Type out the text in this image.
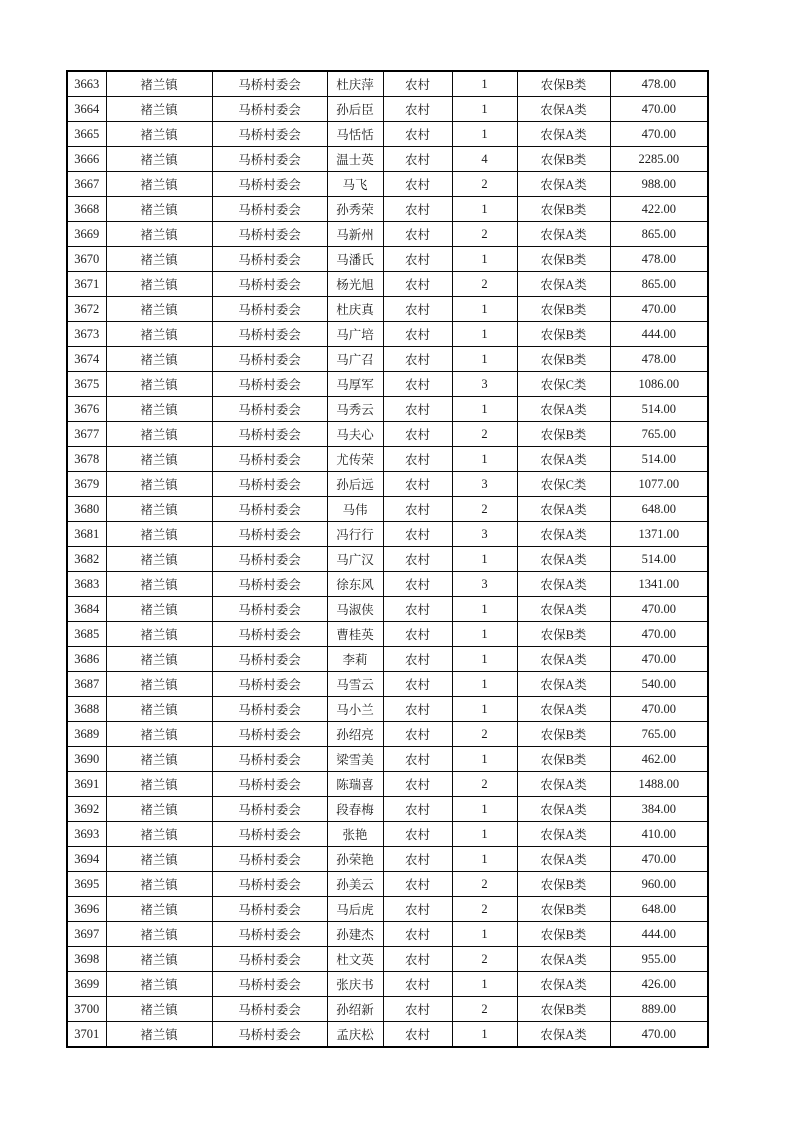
3663	褚兰镇	马桥村委会	杜庆萍	农村	1	农保B类	478.00
3664	褚兰镇	马桥村委会	孙后臣	农村	1	农保A类	470.00
3665	褚兰镇	马桥村委会	马恬恬	农村	1	农保A类	470.00
3666	褚兰镇	马桥村委会	温士英	农村	4	农保B类	2285.00
3667	褚兰镇	马桥村委会	马飞	农村	2	农保A类	988.00
3668	褚兰镇	马桥村委会	孙秀荣	农村	1	农保B类	422.00
3669	褚兰镇	马桥村委会	马新州	农村	2	农保A类	865.00
3670	褚兰镇	马桥村委会	马潘氏	农村	1	农保B类	478.00
3671	褚兰镇	马桥村委会	杨光旭	农村	2	农保A类	865.00
3672	褚兰镇	马桥村委会	杜庆真	农村	1	农保B类	470.00
3673	褚兰镇	马桥村委会	马广培	农村	1	农保B类	444.00
3674	褚兰镇	马桥村委会	马广召	农村	1	农保B类	478.00
3675	褚兰镇	马桥村委会	马厚军	农村	3	农保C类	1086.00
3676	褚兰镇	马桥村委会	马秀云	农村	1	农保A类	514.00
3677	褚兰镇	马桥村委会	马夫心	农村	2	农保B类	765.00
3678	褚兰镇	马桥村委会	尤传荣	农村	1	农保A类	514.00
3679	褚兰镇	马桥村委会	孙后远	农村	3	农保C类	1077.00
3680	褚兰镇	马桥村委会	马伟	农村	2	农保A类	648.00
3681	褚兰镇	马桥村委会	冯行行	农村	3	农保A类	1371.00
3682	褚兰镇	马桥村委会	马广汉	农村	1	农保A类	514.00
3683	褚兰镇	马桥村委会	徐东风	农村	3	农保A类	1341.00
3684	褚兰镇	马桥村委会	马淑侠	农村	1	农保A类	470.00
3685	褚兰镇	马桥村委会	曹桂英	农村	1	农保B类	470.00
3686	褚兰镇	马桥村委会	李莉	农村	1	农保A类	470.00
3687	褚兰镇	马桥村委会	马雪云	农村	1	农保A类	540.00
3688	褚兰镇	马桥村委会	马小兰	农村	1	农保A类	470.00
3689	褚兰镇	马桥村委会	孙绍亮	农村	2	农保B类	765.00
3690	褚兰镇	马桥村委会	梁雪美	农村	1	农保B类	462.00
3691	褚兰镇	马桥村委会	陈瑞喜	农村	2	农保A类	1488.00
3692	褚兰镇	马桥村委会	段春梅	农村	1	农保A类	384.00
3693	褚兰镇	马桥村委会	张艳	农村	1	农保A类	410.00
3694	褚兰镇	马桥村委会	孙荣艳	农村	1	农保A类	470.00
3695	褚兰镇	马桥村委会	孙美云	农村	2	农保B类	960.00
3696	褚兰镇	马桥村委会	马后虎	农村	2	农保B类	648.00
3697	褚兰镇	马桥村委会	孙建杰	农村	1	农保B类	444.00
3698	褚兰镇	马桥村委会	杜文英	农村	2	农保A类	955.00
3699	褚兰镇	马桥村委会	张庆书	农村	1	农保A类	426.00
3700	褚兰镇	马桥村委会	孙绍新	农村	2	农保B类	889.00
3701	褚兰镇	马桥村委会	孟庆松	农村	1	农保A类	470.00
